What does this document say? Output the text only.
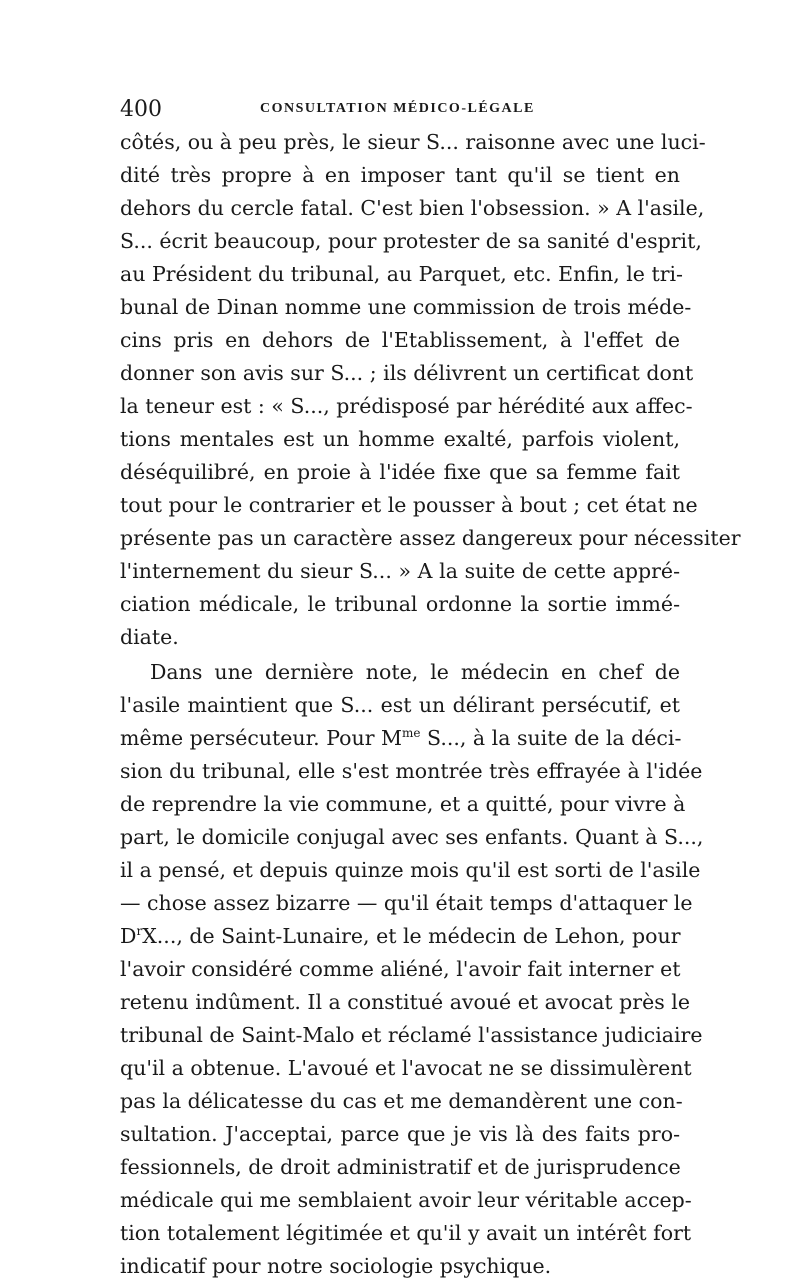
400	CONSULTATION MÉDICO-LÉGALE
côtés, ou à peu près, le sieur S... raisonne avec une luci-
dité très propre à en imposer tant qu'il se tient en
dehors du cercle fatal. C'est bien l'obsession. » A l'asile,
S... écrit beaucoup, pour protester de sa sanité d'esprit,
au Président du tribunal, au Parquet, etc. Enfin, le tri-
bunal de Dinan nomme une commission de trois méde-
cins pris en dehors de l'Etablissement, à l'effet de
donner son avis sur S... ; ils délivrent un certificat dont
la teneur est : « S..., prédisposé par hérédité aux affec-
tions mentales est un homme exalté, parfois violent,
déséquilibré, en proie à l'idée fixe que sa femme fait
tout pour le contrarier et le pousser à bout ; cet état ne
présente pas un caractère assez dangereux pour nécessiter
l'internement du sieur S... » A la suite de cette appré-
ciation médicale, le tribunal ordonne la sortie immé-
diate.
Dans une dernière note, le médecin en chef de
l'asile maintient que S... est un délirant persécutif, et
même persécuteur. Pour $M^{me}$ S..., à la suite de la déci-
sion du tribunal, elle s'est montrée très effrayée à l'idée
de reprendre la vie commune, et a quitté, pour vivre à
part, le domicile conjugal avec ses enfants. Quant à S...,
il a pensé, et depuis quinze mois qu'il est sorti de l'asile
— chose assez bizarre — qu'il était temps d'attaquer le
$D^rX$..., de Saint-Lunaire, et le médecin de Lehon, pour
l'avoir considéré comme aliéné, l'avoir fait interner et
retenu indûment. Il a constitué avoué et avocat près le
tribunal de Saint-Malo et réclamé l'assistance judiciaire
qu'il a obtenue. L'avoué et l'avocat ne se dissimulèrent
pas la délicatesse du cas et me demandèrent une con-
sultation. J'acceptai, parce que je vis là des faits pro-
fessionnels, de droit administratif et de jurisprudence
médicale qui me semblaient avoir leur véritable accep-
tion totalement légitimée et qu'il y avait un intérêt fort
indicatif pour notre sociologie psychique.
